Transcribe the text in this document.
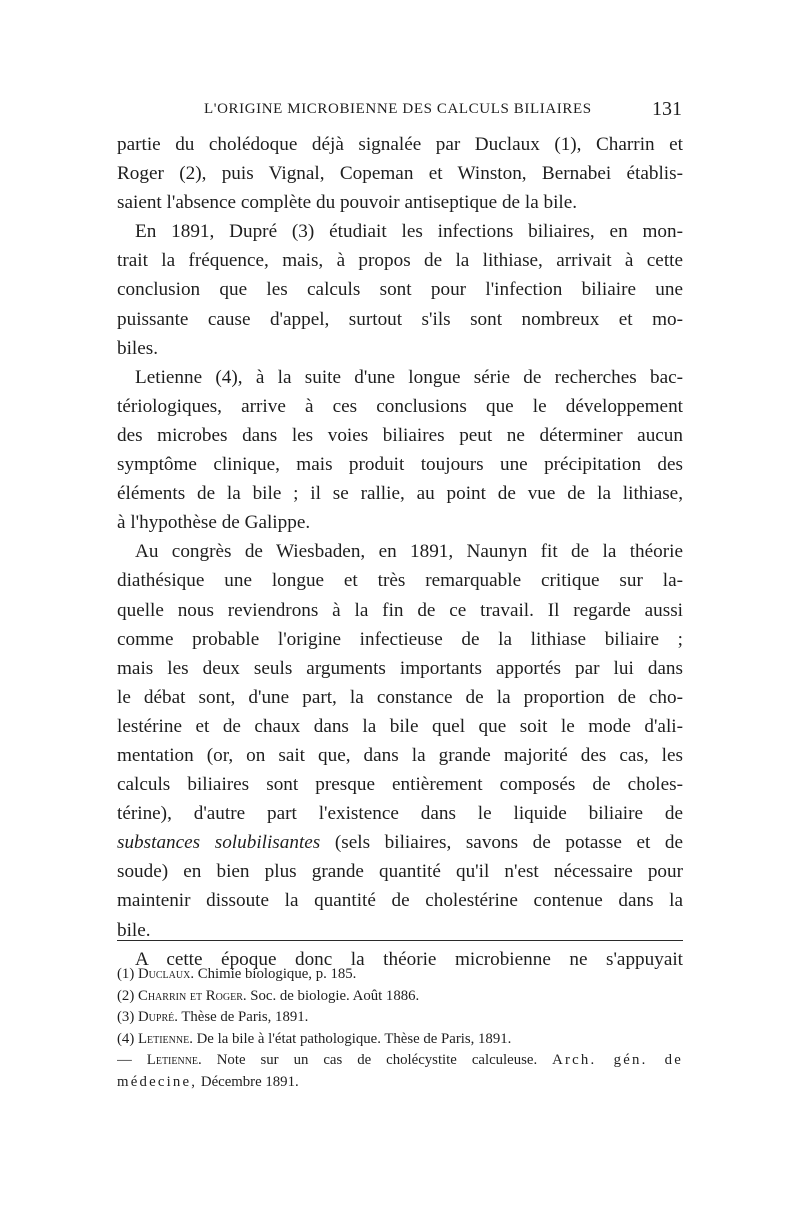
L'ORIGINE MICROBIENNE DES CALCULS BILIAIRES	131
partie du cholédoque déjà signalée par Duclaux (1), Charrin et
Roger (2), puis Vignal, Copeman et Winston, Bernabei établis-
saient l'absence complète du pouvoir antiseptique de la bile.
En 1891, Dupré (3) étudiait les infections biliaires, en mon-
trait la fréquence, mais, à propos de la lithiase, arrivait à cette
conclusion que les calculs sont pour l'infection biliaire une
puissante cause d'appel, surtout s'ils sont nombreux et mo-
biles.
Letienne (4), à la suite d'une longue série de recherches bac-
tériologiques, arrive à ces conclusions que le développement
des microbes dans les voies biliaires peut ne déterminer aucun
symptôme clinique, mais produit toujours une précipitation des
éléments de la bile ; il se rallie, au point de vue de la lithiase,
à l'hypothèse de Galippe.
Au congrès de Wiesbaden, en 1891, Naunyn fit de la théorie
diathésique une longue et très remarquable critique sur la-
quelle nous reviendrons à la fin de ce travail. Il regarde aussi
comme probable l'origine infectieuse de la lithiase biliaire ;
mais les deux seuls arguments importants apportés par lui dans
le débat sont, d'une part, la constance de la proportion de cho-
lestérine et de chaux dans la bile quel que soit le mode d'ali-
mentation (or, on sait que, dans la grande majorité des cas, les
calculs biliaires sont presque entièrement composés de choles-
térine), d'autre part l'existence dans le liquide biliaire de
substances solubilisantes (sels biliaires, savons de potasse et de
soude) en bien plus grande quantité qu'il n'est nécessaire pour
maintenir dissoute la quantité de cholestérine contenue dans la
bile.
A cette époque donc la théorie microbienne ne s'appuyait
(1) Duclaux. Chimie biologique, p. 185.
(2) Charrin et Roger. Soc. de biologie. Août 1886.
(3) Dupré. Thèse de Paris, 1891.
(4) Letienne. De la bile à l'état pathologique. Thèse de Paris, 1891.
— Letienne. Note sur un cas de cholécystite calculeuse. Arch. gén. de
médecine, Décembre 1891.
